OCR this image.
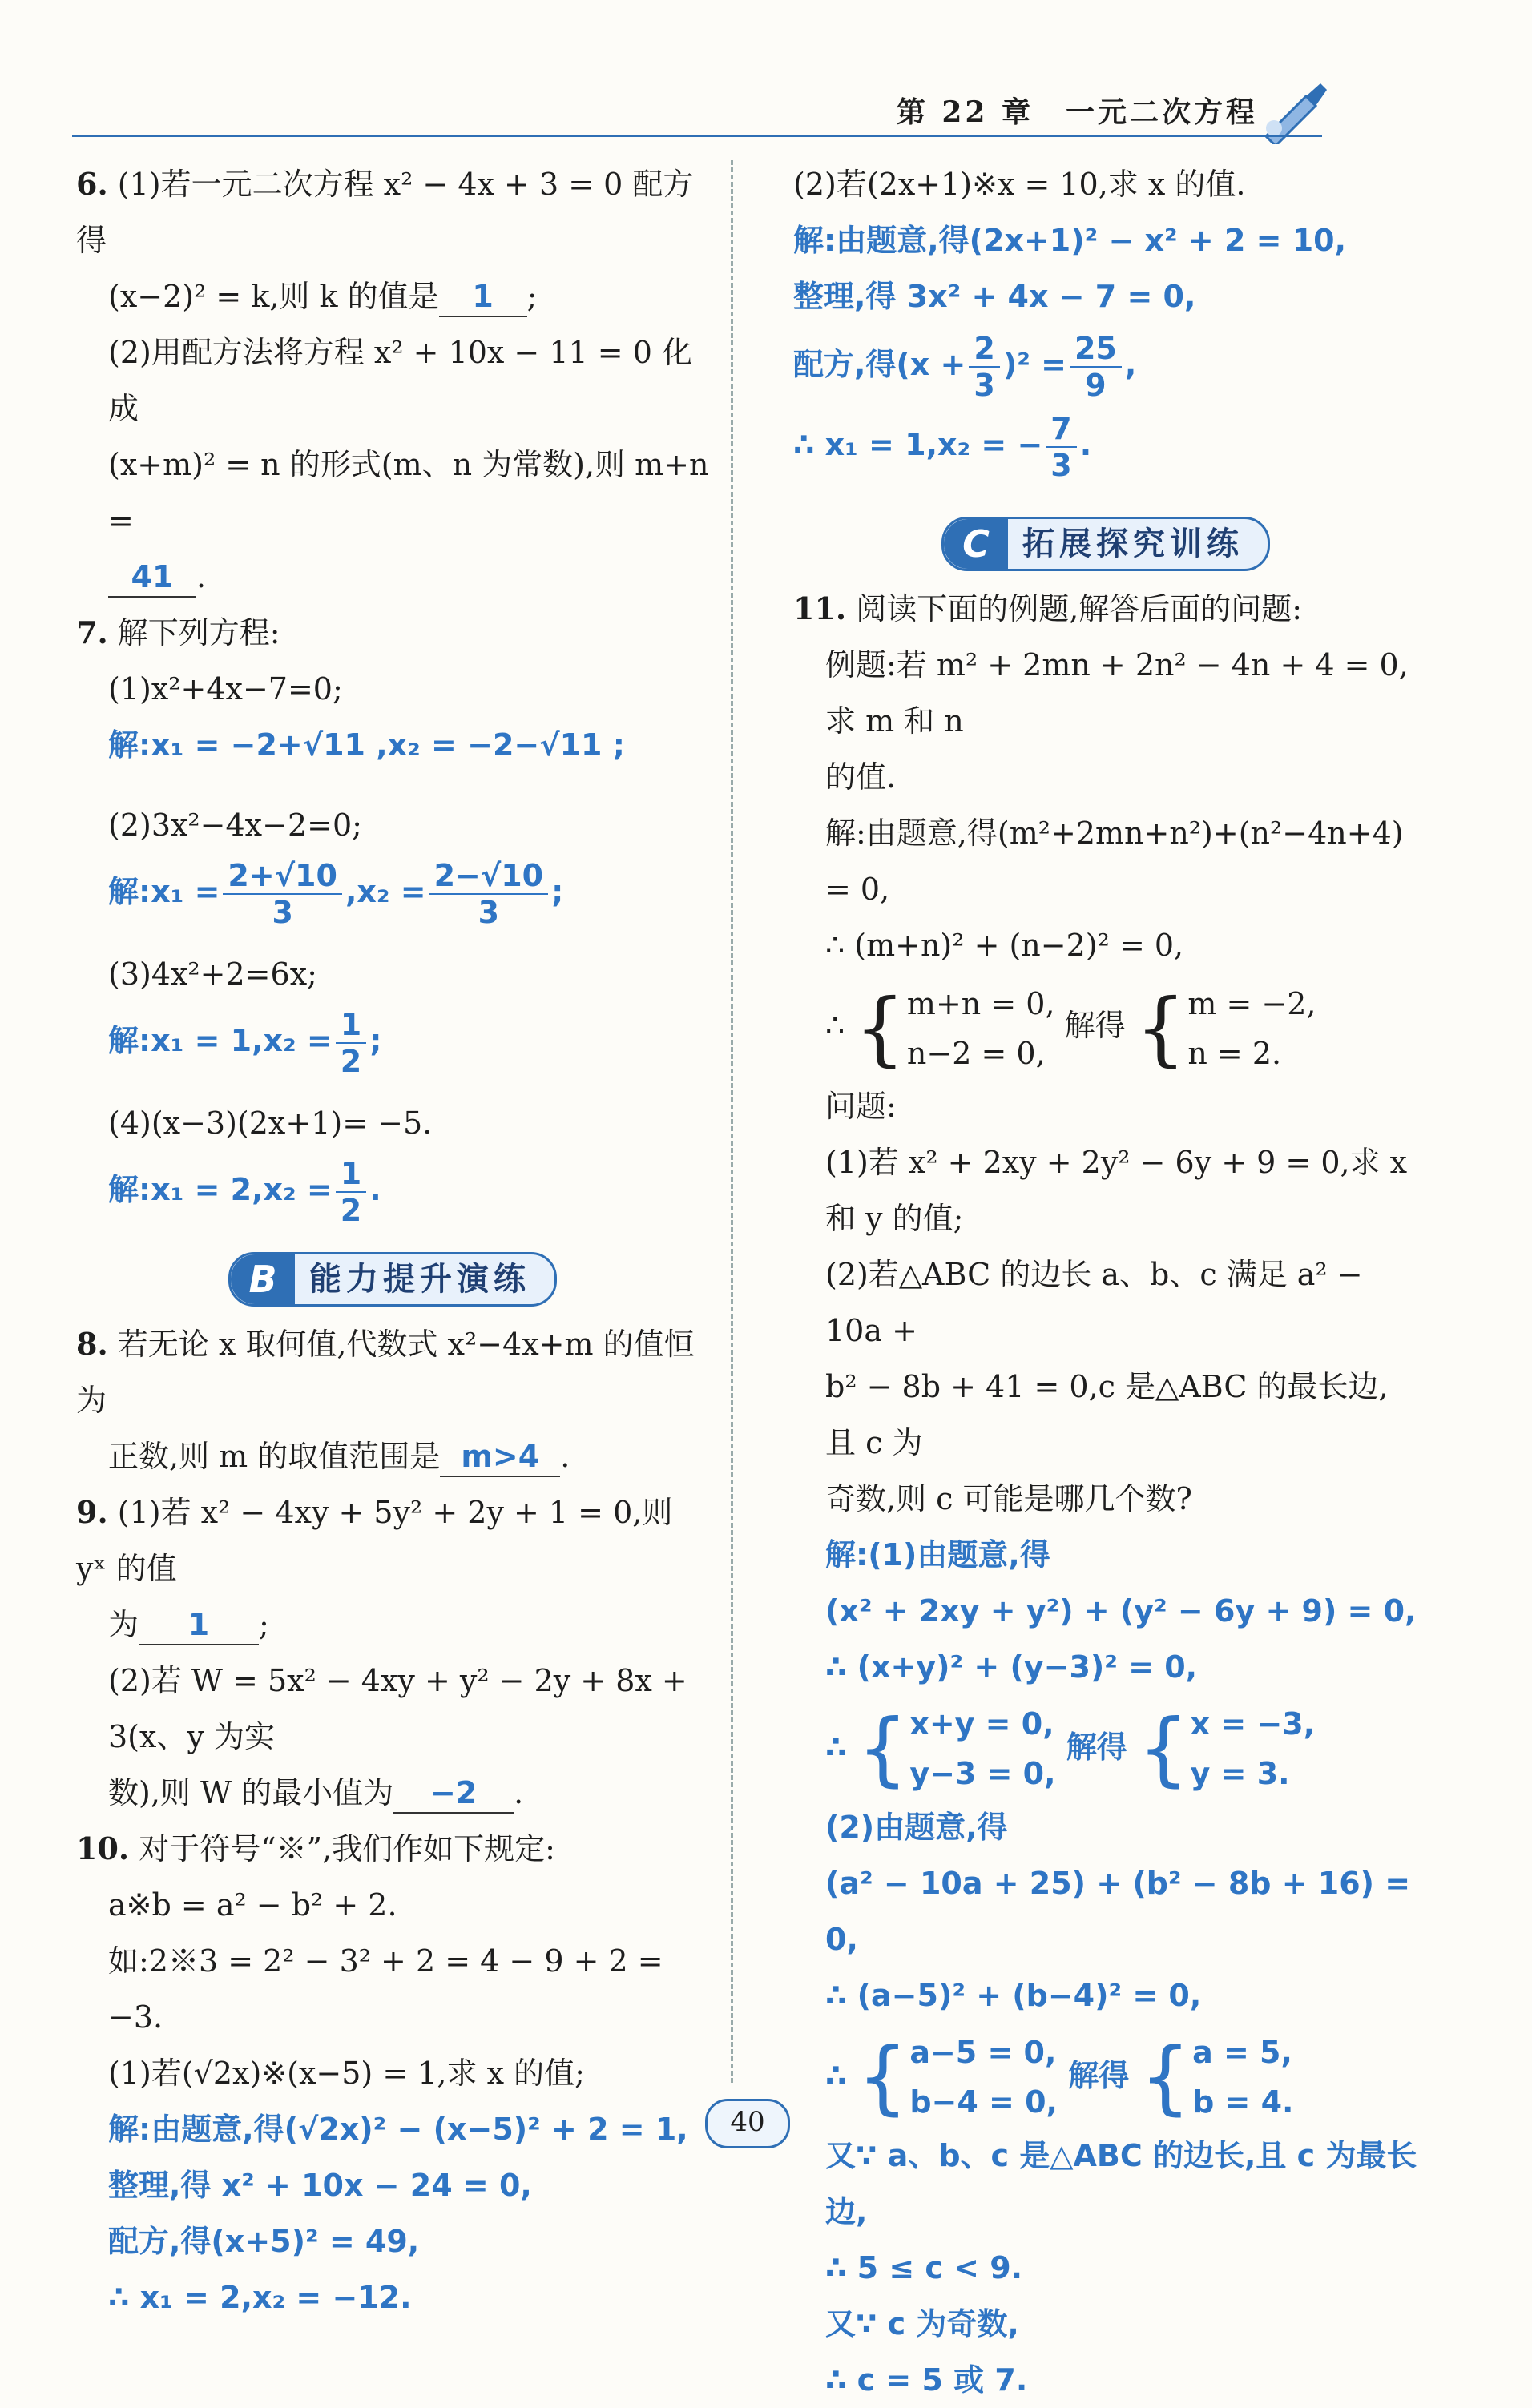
第 22 章　一元二次方程
6. (1)若一元二次方程 x² − 4x + 3 = 0 配方得
(x−2)² = k,则 k 的值是 1 ;
(2)用配方法将方程 x² + 10x − 11 = 0 化成
(x+m)² = n 的形式(m、n 为常数),则 m+n =
41 .
7. 解下列方程:
(1)x²+4x−7=0;
解:x₁ = −2+√11 ,x₂ = −2−√11 ;
(2)3x²−4x−2=0;
解:x₁ = $\frac{2+√10}{3} ,x_2 = \frac{2-√10}{3}$ ;
(3)4x²+2=6x;
解:x₁ = $1,x_2 = \frac{1}{2}$ ;
(4)(x−3)(2x+1)= −5.
解:x₁ = $2,x_2 = \frac{1}{2}$ .
B	能力提升演练
8. 若无论 x 取何值,代数式 x²−4x+m 的值恒为
正数,则 m 的取值范围是 m>4 .
9. (1)若 x² − 4xy + 5y² + 2y + 1 = 0,则 yˣ 的值
为 1 ;
(2)若 W = 5x² − 4xy + y² − 2y + 8x + 3(x、y 为实
数),则 W 的最小值为 −2 .
10. 对于符号“※”,我们作如下规定:
a※b = a² − b² + 2.
如:2※3 = 2² − 3² + 2 = 4 − 9 + 2 = −3.
(1)若(√2x)※(x−5) = 1,求 x 的值;
解:由题意,得(√2x)² − (x−5)² + 2 = 1,
整理,得 x² + 10x − 24 = 0,
配方,得(x+5)² = 49,
∴ x₁ = 2,x₂ = −12.
(2)若(2x+1)※x = 10,求 x 的值.
解:由题意,得(2x+1)² − x² + 2 = 10,
整理,得 3x² + 4x − 7 = 0,
配方,得$(x + \frac{2}{3} )^2 = \frac{25}{9}$ ,
∴ x₁ = 1,x₂ = − $\frac{7}{3}$ .
C	拓展探究训练
11. 阅读下面的例题,解答后面的问题:
例题:若 m² + 2mn + 2n² − 4n + 4 = 0,求 m 和 n
的值.
解:由题意,得(m²+2mn+n²)+(n²−4n+4) = 0,
∴ (m+n)² + (n−2)² = 0,
∴ { m+n = 0,
n−2 = 0,
解得 { m = −2,
n = 2.
问题:
(1)若 x² + 2xy + 2y² − 6y + 9 = 0,求 x 和 y 的值;
(2)若△ABC 的边长 a、b、c 满足 a² − 10a +
b² − 8b + 41 = 0,c 是△ABC 的最长边,且 c 为
奇数,则 c 可能是哪几个数?
解:(1)由题意,得
(x² + 2xy + y²) + (y² − 6y + 9) = 0,
∴ (x+y)² + (y−3)² = 0,
∴ { x+y = 0,
y−3 = 0,
解得 { x = −3,
y = 3.
(2)由题意,得
(a² − 10a + 25) + (b² − 8b + 16) = 0,
∴ (a−5)² + (b−4)² = 0,
∴ { a−5 = 0,
b−4 = 0,
解得 { a = 5,
b = 4.
又∵ a、b、c 是△ABC 的边长,且 c 为最长边,
∴ 5 ≤ c < 9.
又∵ c 为奇数,
∴ c = 5 或 7.
40
